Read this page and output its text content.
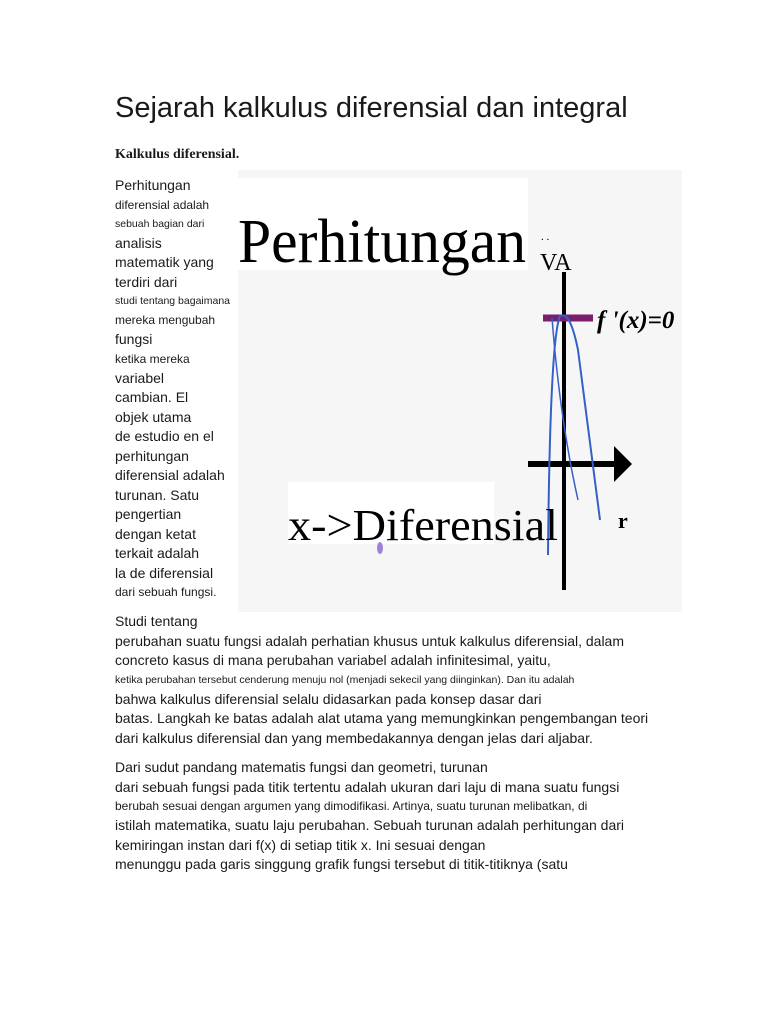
Sejarah kalkulus diferensial dan integral
Kalkulus diferensial.
Perhitungan
diferensial adalah
sebuah bagian dari
analisis
matematik yang
terdiri dari
studi tentang bagaimana
mereka mengubah
fungsi
ketika mereka
variabel
cambian. El
objek utama
de estudio en el
perhitungan
diferensial adalah
turunan. Satu
pengertian
dengan ketat
terkait adalah
la de diferensial
dari sebuah fungsi.
Perhitungan . .
VA
f '(x)=0
r
x->Diferensial
Studi tentang
perubahan suatu fungsi adalah perhatian khusus untuk kalkulus diferensial, dalam
concreto kasus di mana perubahan variabel adalah infinitesimal, yaitu,
ketika perubahan tersebut cenderung menuju nol (menjadi sekecil yang diinginkan). Dan itu adalah
bahwa kalkulus diferensial selalu didasarkan pada konsep dasar dari
batas. Langkah ke batas adalah alat utama yang memungkinkan pengembangan teori
dari kalkulus diferensial dan yang membedakannya dengan jelas dari aljabar.
Dari sudut pandang matematis fungsi dan geometri, turunan
dari sebuah fungsi pada titik tertentu adalah ukuran dari laju di mana suatu fungsi
berubah sesuai dengan argumen yang dimodifikasi. Artinya, suatu turunan melibatkan, di
istilah matematika, suatu laju perubahan. Sebuah turunan adalah perhitungan dari
kemiringan instan dari f(x) di setiap titik x. Ini sesuai dengan
menunggu pada garis singgung grafik fungsi tersebut di titik-titiknya (satu
